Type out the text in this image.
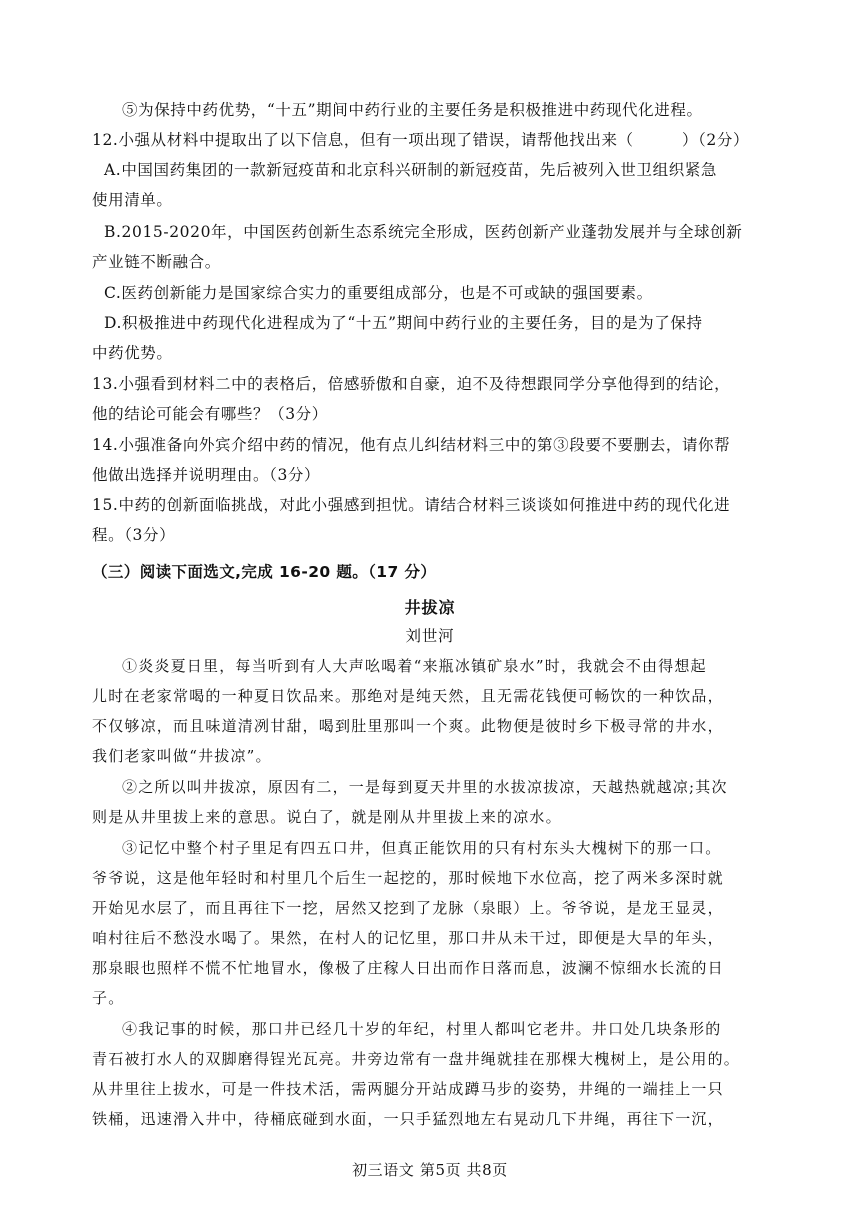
⑤为保持中药优势，“十五”期间中药行业的主要任务是积极推进中药现代化进程。
12.小强从材料中提取出了以下信息，但有一项出现了错误，请帮他找出来（　　　）（2分）
A.中国国药集团的一款新冠疫苗和北京科兴研制的新冠疫苗，先后被列入世卫组织紧急
使用清单。
B.2015-2020年，中国医药创新生态系统完全形成，医药创新产业蓬勃发展并与全球创新
产业链不断融合。
C.医药创新能力是国家综合实力的重要组成部分，也是不可或缺的强国要素。
D.积极推进中药现代化进程成为了“十五”期间中药行业的主要任务，目的是为了保持
中药优势。
13.小强看到材料二中的表格后，倍感骄傲和自豪，迫不及待想跟同学分享他得到的结论，
他的结论可能会有哪些？（3分）
14.小强准备向外宾介绍中药的情况，他有点儿纠结材料三中的第③段要不要删去，请你帮
他做出选择并说明理由。（3分）
15.中药的创新面临挑战，对此小强感到担忧。请结合材料三谈谈如何推进中药的现代化进
程。（3分）
（三）阅读下面选文,完成 16-20 题。（17 分）
井拔凉
刘世河
①炎炎夏日里，每当听到有人大声吆喝着“来瓶冰镇矿泉水”时，我就会不由得想起
儿时在老家常喝的一种夏日饮品来。那绝对是纯天然，且无需花钱便可畅饮的一种饮品，
不仅够凉，而且味道清冽甘甜，喝到肚里那叫一个爽。此物便是彼时乡下极寻常的井水，
我们老家叫做“井拔凉”。
②之所以叫井拔凉，原因有二，一是每到夏天井里的水拔凉拔凉，天越热就越凉;其次
则是从井里拔上来的意思。说白了，就是刚从井里拔上来的凉水。
③记忆中整个村子里足有四五口井，但真正能饮用的只有村东头大槐树下的那一口。
爷爷说，这是他年轻时和村里几个后生一起挖的，那时候地下水位高，挖了两米多深时就
开始见水层了，而且再往下一挖，居然又挖到了龙脉（泉眼）上。爷爷说，是龙王显灵，
咱村往后不愁没水喝了。果然，在村人的记忆里，那口井从未干过，即便是大旱的年头，
那泉眼也照样不慌不忙地冒水，像极了庄稼人日出而作日落而息，波澜不惊细水长流的日
子。
④我记事的时候，那口井已经几十岁的年纪，村里人都叫它老井。井口处几块条形的
青石被打水人的双脚磨得锃光瓦亮。井旁边常有一盘井绳就挂在那棵大槐树上，是公用的。
从井里往上拔水，可是一件技术活，需两腿分开站成蹲马步的姿势，井绳的一端挂上一只
铁桶，迅速滑入井中，待桶底碰到水面，一只手猛烈地左右晃动几下井绳，再往下一沉，
初三语文 第5页 共8页
